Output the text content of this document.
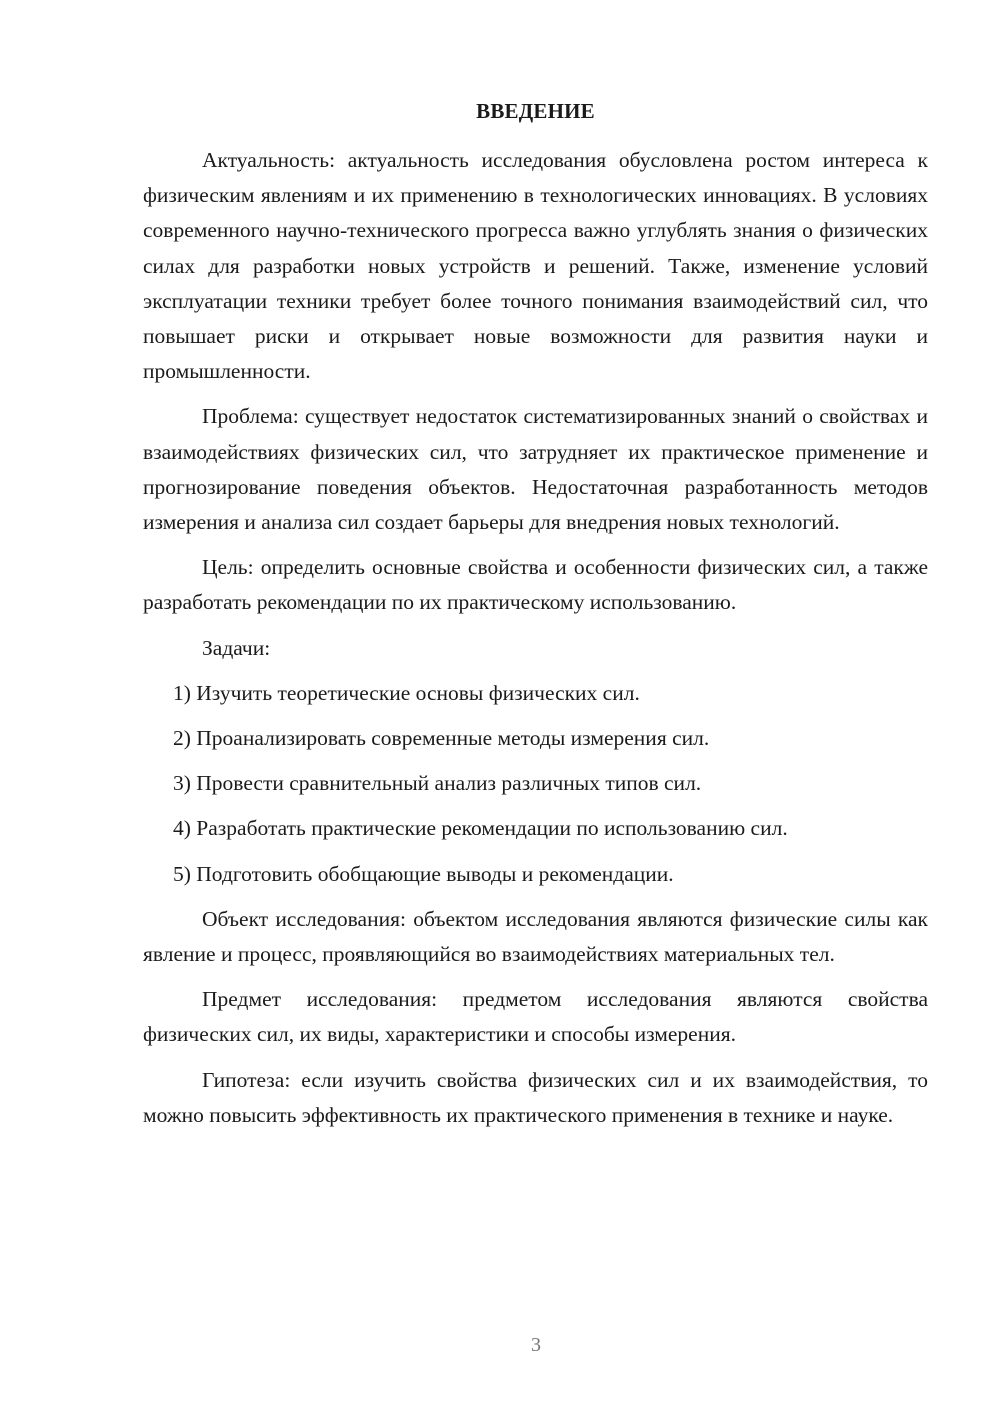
ВВЕДЕНИЕ

Актуальность: актуальность исследования обусловлена ростом интереса к физическим явлениям и их применению в технологических инновациях. В условиях современного научно-технического прогресса важно углублять знания о физических силах для разработки новых устройств и решений. Также, изменение условий эксплуатации техники требует более точного понимания взаимодействий сил, что повышает риски и открывает новые возможности для развития науки и промышленности.

Проблема: существует недостаток систематизированных знаний о свойствах и взаимодействиях физических сил, что затрудняет их практическое применение и прогнозирование поведения объектов. Недостаточная разработанность методов измерения и анализа сил создает барьеры для внедрения новых технологий.

Цель: определить основные свойства и особенности физических сил, а также разработать рекомендации по их практическому использованию.

Задачи:

1) Изучить теоретические основы физических сил.

2) Проанализировать современные методы измерения сил.

3) Провести сравнительный анализ различных типов сил.

4) Разработать практические рекомендации по использованию сил.

5) Подготовить обобщающие выводы и рекомендации.

Объект исследования: объектом исследования являются физические силы как явление и процесс, проявляющийся во взаимодействиях материальных тел.

Предмет исследования: предметом исследования являются свойства физических сил, их виды, характеристики и способы измерения.

Гипотеза: если изучить свойства физических сил и их взаимодействия, то можно повысить эффективность их практического применения в технике и науке.

3
